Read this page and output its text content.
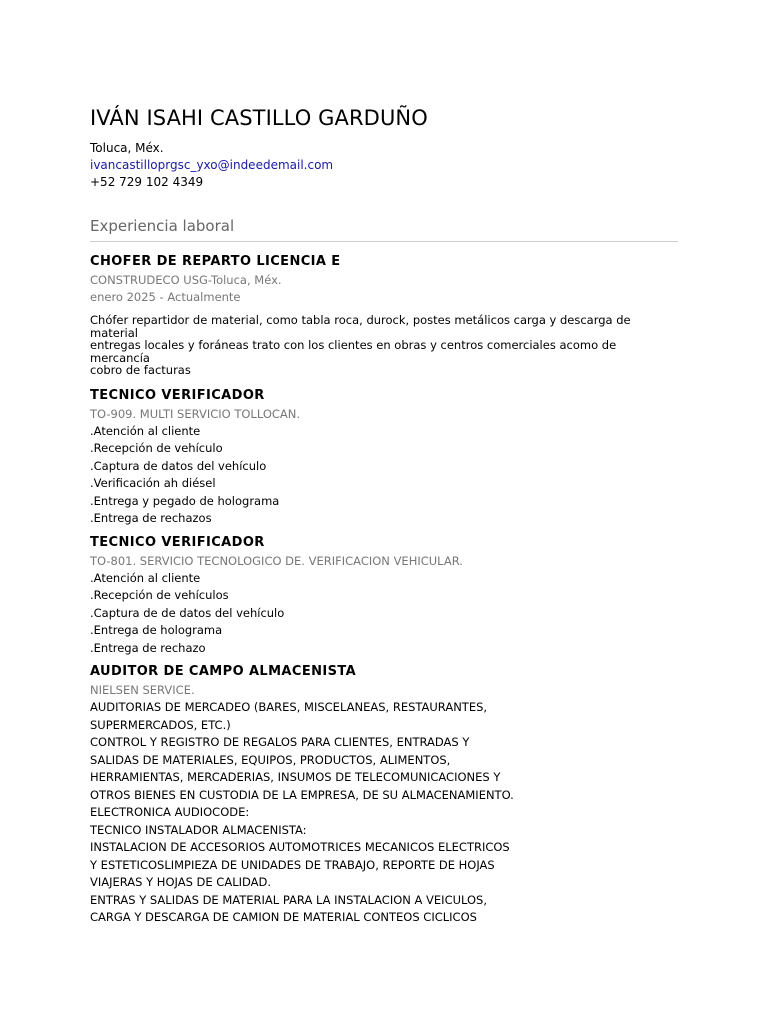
IVÁN ISAHI CASTILLO GARDUÑO
Toluca, Méx.
ivancastilloprgsc_yxo@indeedemail.com
+52 729 102 4349
Experiencia laboral
CHOFER DE REPARTO LICENCIA E
CONSTRUDECO USG-Toluca, Méx.
enero 2025 - Actualmente
Chófer repartidor de material, como tabla roca, durock, postes metálicos carga y descarga de material
entregas locales y foráneas trato con los clientes en obras y centros comerciales acomo de mercancía
cobro de facturas
TECNICO VERIFICADOR
TO-909. MULTI SERVICIO TOLLOCAN.
.Atención al cliente
.Recepción de vehículo
.Captura de datos del vehículo
.Verificación ah diésel
.Entrega y pegado de holograma
.Entrega de rechazos
TECNICO VERIFICADOR
TO-801. SERVICIO TECNOLOGICO DE. VERIFICACION VEHICULAR.
.Atención al cliente
.Recepción de vehículos
.Captura de de datos del vehículo
.Entrega de holograma
.Entrega de rechazo
AUDITOR DE CAMPO ALMACENISTA
NIELSEN SERVICE.
AUDITORIAS DE MERCADEO (BARES, MISCELANEAS, RESTAURANTES,
SUPERMERCADOS, ETC.)
CONTROL Y REGISTRO DE REGALOS PARA CLIENTES, ENTRADAS Y
SALIDAS DE MATERIALES, EQUIPOS, PRODUCTOS, ALIMENTOS,
HERRAMIENTAS, MERCADERIAS, INSUMOS DE TELECOMUNICACIONES Y
OTROS BIENES EN CUSTODIA DE LA EMPRESA, DE SU ALMACENAMIENTO.
ELECTRONICA AUDIOCODE:
TECNICO INSTALADOR ALMACENISTA:
INSTALACION DE ACCESORIOS AUTOMOTRICES MECANICOS ELECTRICOS
Y ESTETICOSLIMPIEZA DE UNIDADES DE TRABAJO, REPORTE DE HOJAS
VIAJERAS Y HOJAS DE CALIDAD.
ENTRAS Y SALIDAS DE MATERIAL PARA LA INSTALACION A VEICULOS,
CARGA Y DESCARGA DE CAMION DE MATERIAL CONTEOS CICLICOS
